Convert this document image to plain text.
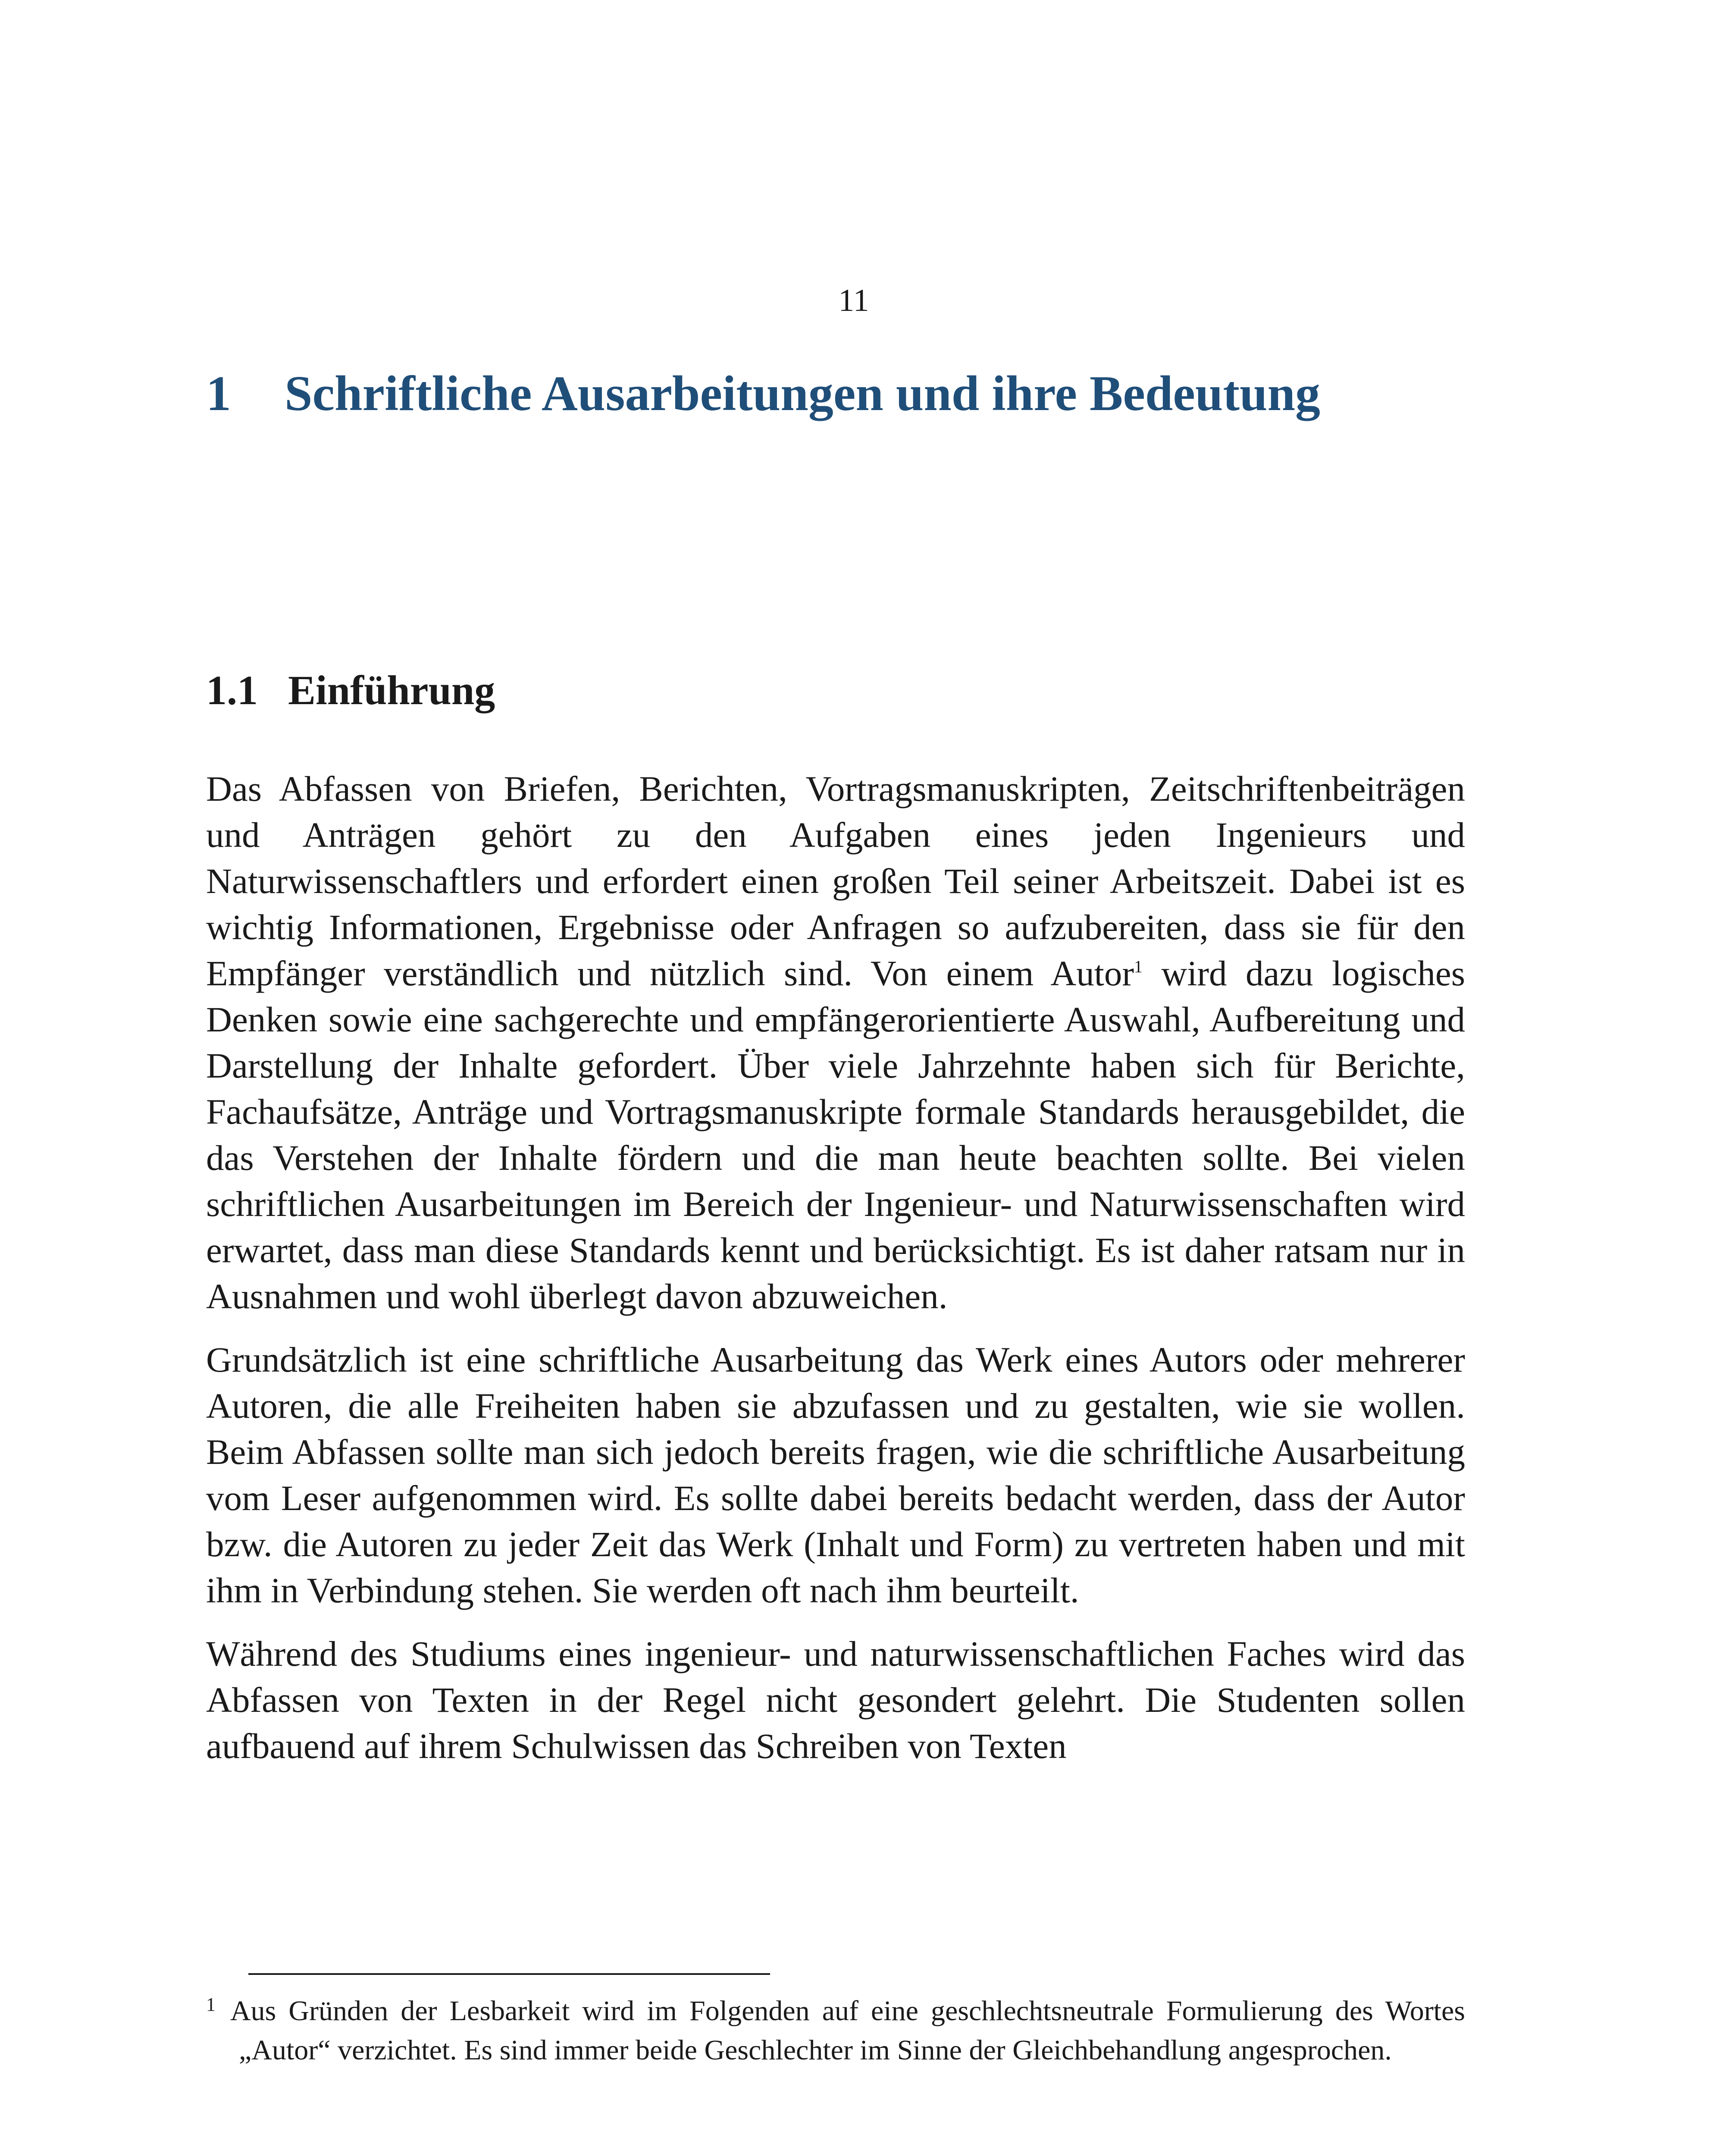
11
1 Schriftliche Ausarbeitungen und ihre Bedeutung
1.1 Einführung

Das Abfassen von Briefen, Berichten, Vortragsmanuskripten, Zeitschriftenbeiträgen und Anträgen gehört zu den Aufgaben eines jeden Ingenieurs und Naturwissenschaftlers und erfordert einen großen Teil seiner Arbeitszeit. Dabei ist es wichtig Informationen, Ergebnisse oder Anfragen so aufzubereiten, dass sie für den Empfänger verständlich und nützlich sind. Von einem Autor$^1$ wird dazu logisches Denken sowie eine sachgerechte und empfängerorientierte Auswahl, Aufbereitung und Darstellung der Inhalte gefordert. Über viele Jahrzehnte haben sich für Berichte, Fachaufsätze, Anträge und Vortragsmanuskripte formale Standards herausgebildet, die das Verstehen der Inhalte fördern und die man heute beachten sollte. Bei vielen schriftlichen Ausarbeitungen im Bereich der Ingenieur- und Naturwissenschaften wird erwartet, dass man diese Standards kennt und berücksichtigt. Es ist daher ratsam nur in Ausnahmen und wohl überlegt davon abzuweichen.

Grundsätzlich ist eine schriftliche Ausarbeitung das Werk eines Autors oder mehrerer Autoren, die alle Freiheiten haben sie abzufassen und zu gestalten, wie sie wollen. Beim Abfassen sollte man sich jedoch bereits fragen, wie die schriftliche Ausarbeitung vom Leser aufgenommen wird. Es sollte dabei bereits bedacht werden, dass der Autor bzw. die Autoren zu jeder Zeit das Werk (Inhalt und Form) zu vertreten haben und mit ihm in Verbindung stehen. Sie werden oft nach ihm beurteilt.

Während des Studiums eines ingenieur- und naturwissenschaftlichen Faches wird das Abfassen von Texten in der Regel nicht gesondert gelehrt. Die Studenten sollen aufbauend auf ihrem Schulwissen das Schreiben von Texten

$^1$ Aus Gründen der Lesbarkeit wird im Folgenden auf eine geschlechtsneutrale Formulierung des Wortes „Autor“ verzichtet. Es sind immer beide Geschlechter im Sinne der Gleichbehandlung angesprochen.
